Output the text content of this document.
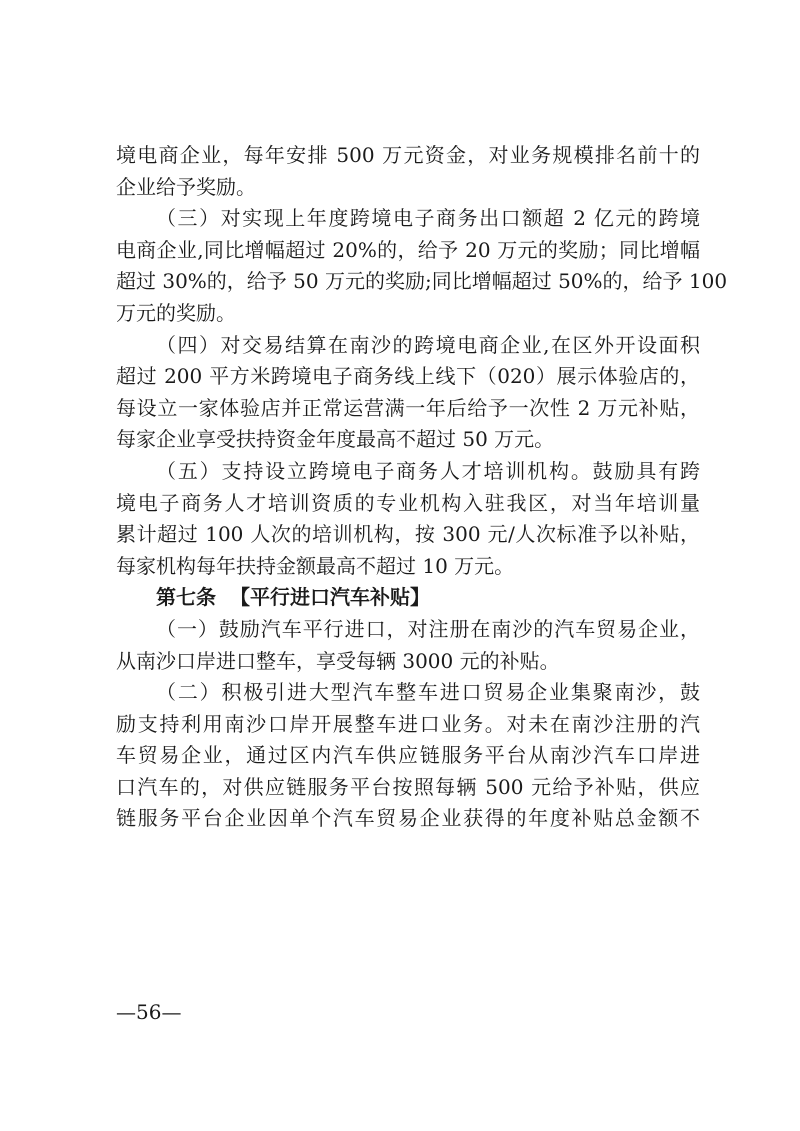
境电商企业，每年安排 500 万元资金，对业务规模排名前十的
企业给予奖励。
（三）对实现上年度跨境电子商务出口额超 2 亿元的跨境
电商企业,同比增幅超过 20%的，给予 20 万元的奖励；同比增幅
超过 30%的，给予 50 万元的奖励;同比增幅超过 50%的，给予 100
万元的奖励。
（四）对交易结算在南沙的跨境电商企业,在区外开设面积
超过 200 平方米跨境电子商务线上线下（020）展示体验店的，
每设立一家体验店并正常运营满一年后给予一次性 2 万元补贴，
每家企业享受扶持资金年度最高不超过 50 万元。
（五）支持设立跨境电子商务人才培训机构。鼓励具有跨
境电子商务人才培训资质的专业机构入驻我区，对当年培训量
累计超过 100 人次的培训机构，按 300 元/人次标准予以补贴，
每家机构每年扶持金额最高不超过 10 万元。
第七条 【平行进口汽车补贴】
（一）鼓励汽车平行进口，对注册在南沙的汽车贸易企业，
从南沙口岸进口整车，享受每辆 3000 元的补贴。
（二）积极引进大型汽车整车进口贸易企业集聚南沙，鼓
励支持利用南沙口岸开展整车进口业务。对未在南沙注册的汽
车贸易企业，通过区内汽车供应链服务平台从南沙汽车口岸进
口汽车的，对供应链服务平台按照每辆 500 元给予补贴，供应
链服务平台企业因单个汽车贸易企业获得的年度补贴总金额不
—56—
